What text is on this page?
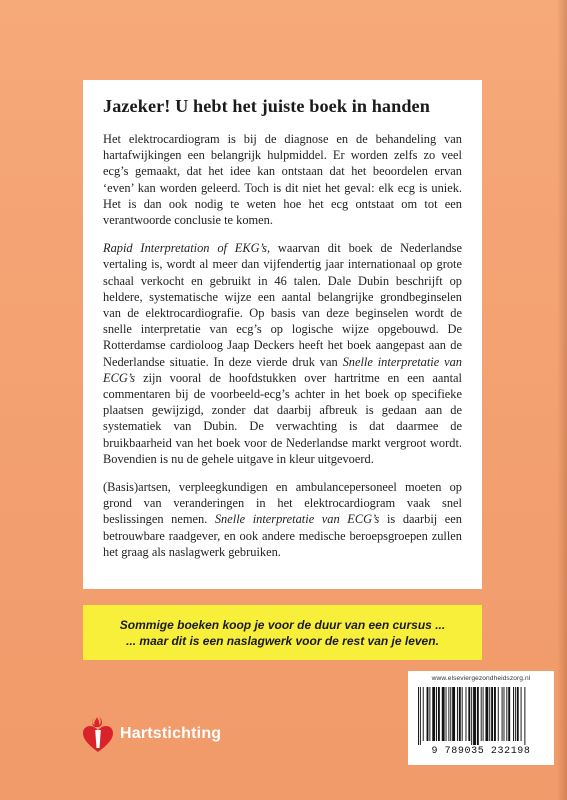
Jazeker! U hebt het juiste boek in handen

Het elektrocardiogram is bij de diagnose en de behandeling van hartafwijkingen een belangrijk hulpmiddel. Er worden zelfs zo veel ecg’s gemaakt, dat het idee kan ontstaan dat het beoordelen ervan ‘even’ kan worden geleerd. Toch is dit niet het geval: elk ecg is uniek. Het is dan ook nodig te weten hoe het ecg ontstaat om tot een verantwoorde conclusie te komen.

Rapid Interpretation of EKG’s, waarvan dit boek de Nederlandse vertaling is, wordt al meer dan vijfendertig jaar internationaal op grote schaal verkocht en gebruikt in 46 talen. Dale Dubin beschrijft op heldere, systematische wijze een aantal belangrijke grondbeginselen van de elektrocardiografie. Op basis van deze beginselen wordt de snelle interpretatie van ecg’s op logische wijze opgebouwd. De Rotterdamse cardioloog Jaap Deckers heeft het boek aangepast aan de Nederlandse situatie. In deze vierde druk van Snelle interpretatie van ECG’s zijn vooral de hoofdstukken over hartritme en een aantal commentaren bij de voorbeeld-ecg’s achter in het boek op specifieke plaatsen gewijzigd, zonder dat daarbij afbreuk is gedaan aan de systematiek van Dubin. De verwachting is dat daarmee de bruikbaarheid van het boek voor de Nederlandse markt vergroot wordt. Bovendien is nu de gehele uitgave in kleur uitgevoerd.

(Basis)artsen, verpleegkundigen en ambulancepersoneel moeten op grond van veranderingen in het elektrocardiogram vaak snel beslissingen nemen. Snelle interpretatie van ECG’s is daarbij een betrouwbare raadgever, en ook andere medische beroepsgroepen zullen het graag als naslagwerk gebruiken.

Sommige boeken koop je voor de duur van een cursus ...
... maar dit is een naslagwerk voor de rest van je leven.
Hartstichting
www.elseviergezondheidszorg.nl
9 789035 232198
